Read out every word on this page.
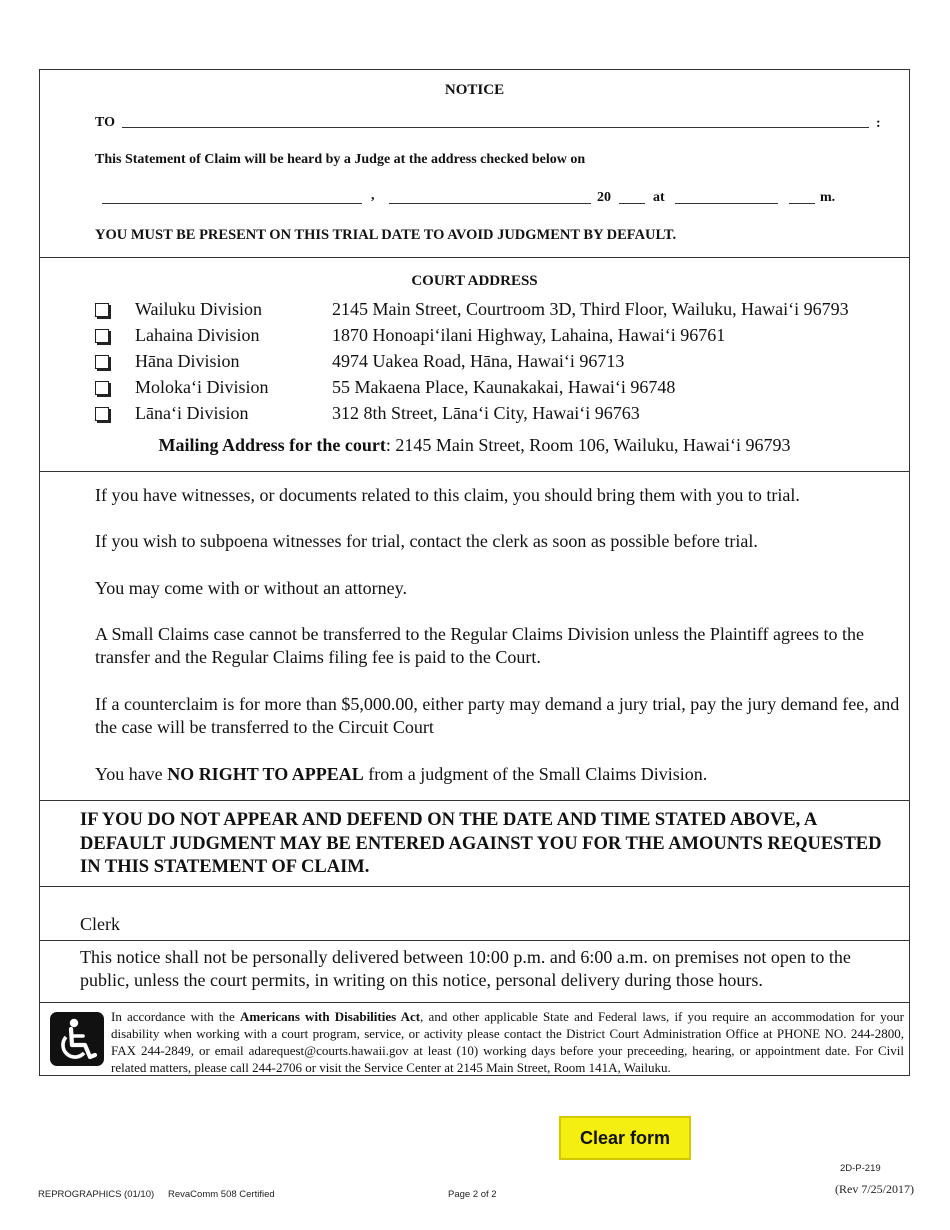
NOTICE
TO	:
This Statement of Claim will be heard by a Judge at the address checked below on
,	20	at	m.
YOU MUST BE PRESENT ON THIS TRIAL DATE TO AVOID JUDGMENT BY DEFAULT.
COURT ADDRESS
Wailuku Division	2145 Main Street, Courtroom 3D, Third Floor, Wailuku, Hawai‘i 96793
Lahaina Division	1870 Honoapi‘ilani Highway, Lahaina, Hawai‘i 96761
Hāna Division	4974 Uakea Road, Hāna, Hawai‘i 96713
Moloka‘i Division	55 Makaena Place, Kaunakakai, Hawai‘i 96748
Lāna‘i Division	312 8th Street, Lāna‘i City, Hawai‘i 96763
Mailing Address for the court: 2145 Main Street, Room 106, Wailuku, Hawai‘i 96793
If you have witnesses, or documents related to this claim, you should bring them with you to trial.
If you wish to subpoena witnesses for trial, contact the clerk as soon as possible before trial.
You may come with or without an attorney.
A Small Claims case cannot be transferred to the Regular Claims Division unless the Plaintiff agrees to the transfer and the Regular Claims filing fee is paid to the Court.
If a counterclaim is for more than $5,000.00, either party may demand a jury trial, pay the jury demand fee, and the case will be transferred to the Circuit Court
You have NO RIGHT TO APPEAL from a judgment of the Small Claims Division.
IF YOU DO NOT APPEAR AND DEFEND ON THE DATE AND TIME STATED ABOVE, A DEFAULT JUDGMENT MAY BE ENTERED AGAINST YOU FOR THE AMOUNTS REQUESTED IN THIS STATEMENT OF CLAIM.
Clerk
This notice shall not be personally delivered between 10:00 p.m. and 6:00 a.m. on premises not open to the public, unless the court permits, in writing on this notice, personal delivery during those hours.
In accordance with the Americans with Disabilities Act, and other applicable State and Federal laws, if you require an accommodation for your disability when working with a court program, service, or activity please contact the District Court Administration Office at PHONE NO. 244-2800, FAX 244-2849, or email adarequest@courts.hawaii.gov at least (10) working days before your preceeding, hearing, or appointment date. For Civil related matters, please call 244-2706 or visit the Service Center at 2145 Main Street, Room 141A, Wailuku.
Clear form
REPROGRAPHICS (01/10) RevaComm 508 Certified	Page 2 of 2
2D-P-219
(Rev 7/25/2017)
